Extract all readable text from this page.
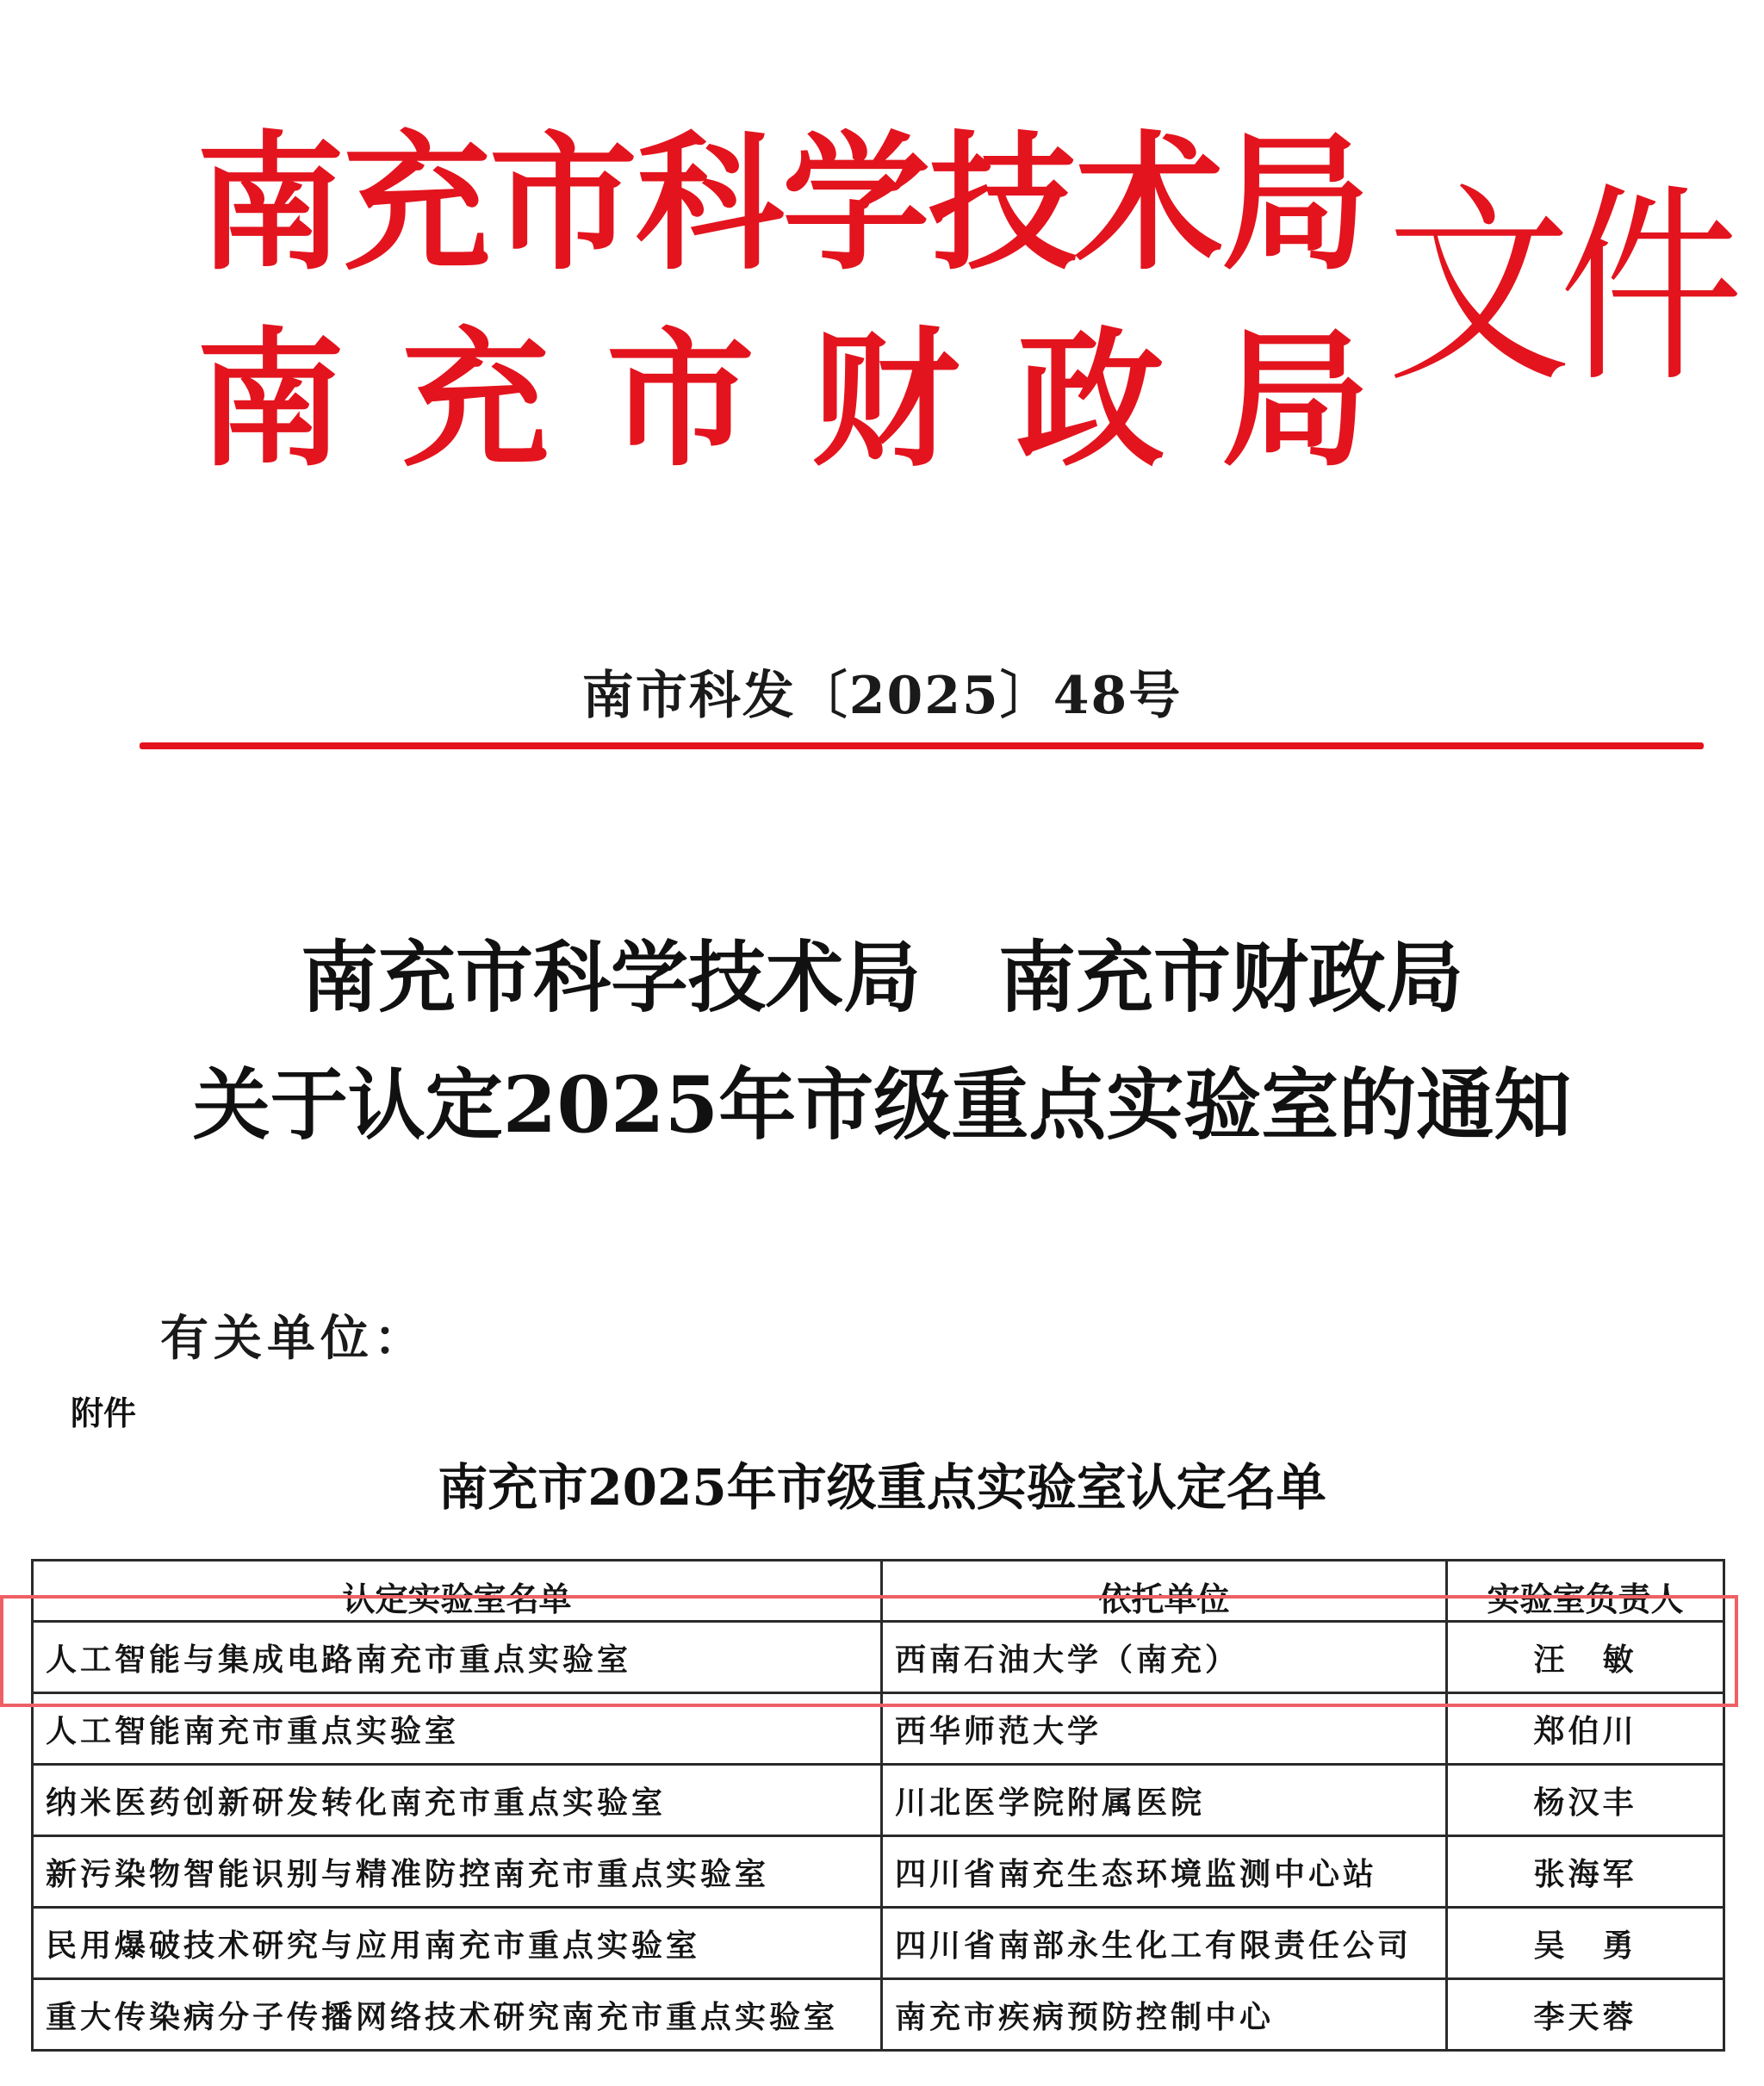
南
充
市
科
学
技
术
局
南 充 市 财 政 局 文件
南市科发〔2025〕48号
南充市科学技术局 南充市财政局
关于认定2025年市级重点实验室的通知
有关单位：
附件
南充市2025年市级重点实验室认定名单
认定实验室名单	依托单位	实验室负责人
人工智能与集成电路南充市重点实验室	西南石油大学（南充）	汪　敏
人工智能南充市重点实验室	西华师范大学	郑伯川
纳米医药创新研发转化南充市重点实验室	川北医学院附属医院	杨汉丰
新污染物智能识别与精准防控南充市重点实验室	四川省南充生态环境监测中心站	张海军
民用爆破技术研究与应用南充市重点实验室	四川省南部永生化工有限责任公司	吴　勇
重大传染病分子传播网络技术研究南充市重点实验室	南充市疾病预防控制中心	李天蓉
